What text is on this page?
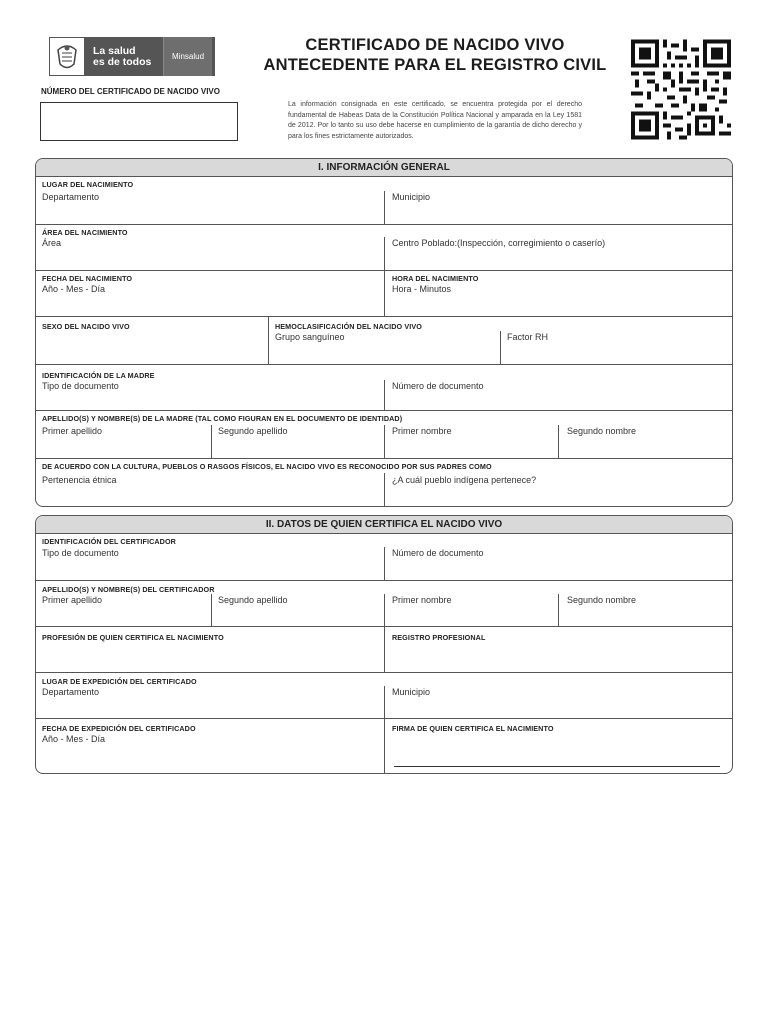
La salud
es de todos	Minsalud
NÚMERO DEL CERTIFICADO DE NACIDO VIVO
CERTIFICADO DE NACIDO VIVO
ANTECEDENTE PARA EL REGISTRO CIVIL
La información consignada en este certificado, se encuentra protegida por el derecho fundamental de Habeas Data de la Constitución Política Nacional y amparada en la Ley 1581 de 2012. Por lo tanto su uso debe hacerse en cumplimiento de la garantía de dicho derecho y para los fines estrictamente autorizados.
I. INFORMACIÓN GENERAL
LUGAR DEL NACIMIENTO
Departamento	Municipio
ÁREA DEL NACIMIENTO
Área	Centro Poblado:(Inspección, corregimiento o caserío)
FECHA DEL NACIMIENTO
Año - Mes - Día
HORA DEL NACIMIENTO
Hora - Minutos
SEXO DEL NACIDO VIVO	HEMOCLASIFICACIÓN DEL NACIDO VIVO
Grupo sanguíneo	Factor RH
IDENTIFICACIÓN DE LA MADRE
Tipo de documento	Número de documento
APELLIDO(S) Y NOMBRE(S) DE LA MADRE (TAL COMO FIGURAN EN EL DOCUMENTO DE IDENTIDAD)
Primer apellido	Segundo apellido	Primer nombre	Segundo nombre
DE ACUERDO CON LA CULTURA, PUEBLOS O RASGOS FÍSICOS, EL NACIDO VIVO ES RECONOCIDO POR SUS PADRES COMO
Pertenencia étnica	¿A cuál pueblo indígena pertenece?
II. DATOS DE QUIEN CERTIFICA EL NACIDO VIVO
IDENTIFICACIÓN DEL CERTIFICADOR
Tipo de documento	Número de documento
APELLIDO(S) Y NOMBRE(S) DEL CERTIFICADOR
Primer apellido	Segundo apellido	Primer nombre	Segundo nombre
PROFESIÓN DE QUIEN CERTIFICA EL NACIMIENTO	REGISTRO PROFESIONAL
LUGAR DE EXPEDICIÓN DEL CERTIFICADO
Departamento	Municipio
FECHA DE EXPEDICIÓN DEL CERTIFICADO
Año - Mes - Día
FIRMA DE QUIEN CERTIFICA EL NACIMIENTO
